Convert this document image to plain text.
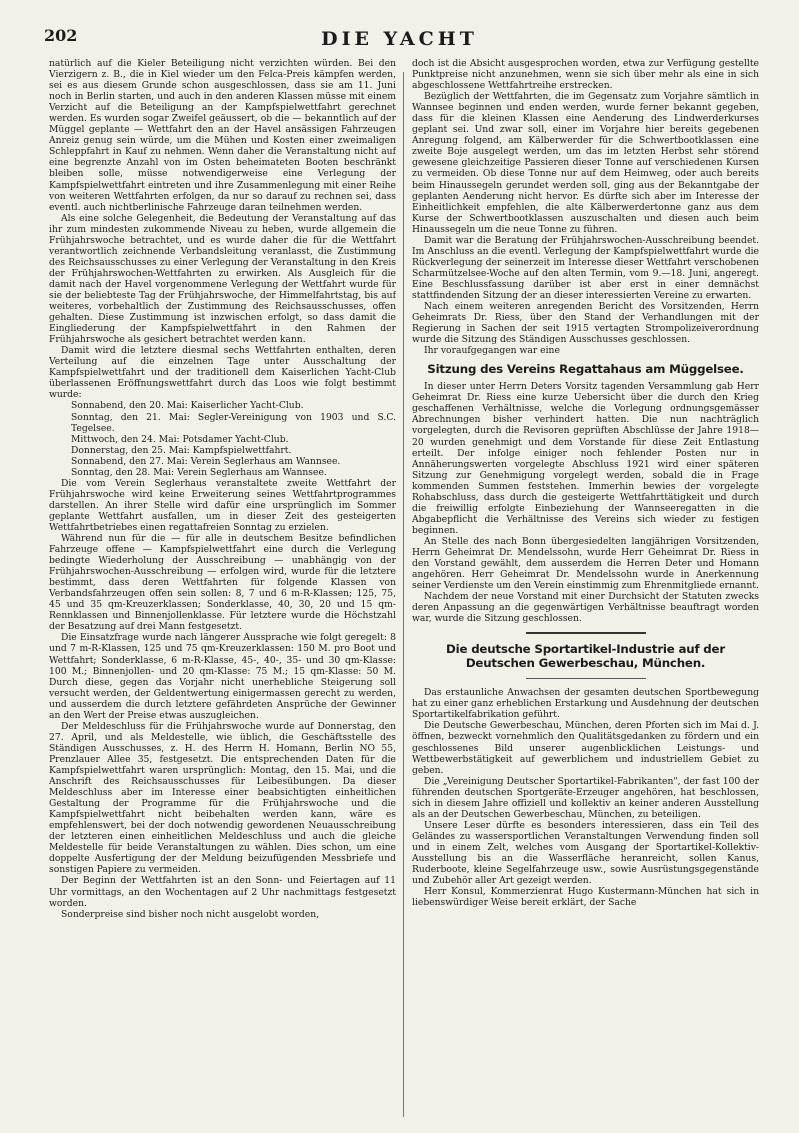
202	DIE YACHT

natürlich auf die Kieler Beteiligung nicht verzichten würden. Bei den Vierzigern z. B., die in Kiel wieder um den Felca-Preis kämpfen werden, sei es aus diesem Grunde schon ausgeschlossen, dass sie am 11. Juni noch in Berlin starten, und auch in den anderen Klassen müsse mit einem Verzicht auf die Beteiligung an der Kampfspielwettfahrt gerechnet werden. Es wurden sogar Zweifel geäussert, ob die — bekanntlich auf der Müggel geplante — Wettfahrt den an der Havel ansässigen Fahrzeugen Anreiz genug sein würde, um die Mühen und Kosten einer zweimaligen Schleppfahrt in Kauf zu nehmen. Wenn daher die Veranstaltung nicht auf eine begrenzte Anzahl von im Osten beheimateten Booten beschränkt bleiben solle, müsse notwendigerweise eine Verlegung der Kampfspielwettfahrt eintreten und ihre Zusammenlegung mit einer Reihe von weiteren Wettfahrten erfolgen, da nur so darauf zu rechnen sei, dass eventl. auch nichtberlinische Fahrzeuge daran teilnehmen werden.

Als eine solche Gelegenheit, die Bedeutung der Veranstaltung auf das ihr zum mindesten zukommende Niveau zu heben, wurde allgemein die Frühjahrswoche betrachtet, und es wurde daher die für die Wettfahrt verantwortlich zeichnende Verbandsleitung veranlasst, die Zustimmung des Reichsausschusses zu einer Verlegung der Veranstaltung in den Kreis der Frühjahrswochen-Wettfahrten zu erwirken. Als Ausgleich für die damit nach der Havel vorgenommene Verlegung der Wettfahrt wurde für sie der beliebteste Tag der Frühjahrswoche, der Himmelfahrtstag, bis auf weiteres, vorbehaltlich der Zustimmung des Reichsausschusses, offen gehalten. Diese Zustimmung ist inzwischen erfolgt, so dass damit die Eingliederung der Kampfspielwettfahrt in den Rahmen der Frühjahrswoche als gesichert betrachtet werden kann.

Damit wird die letztere diesmal sechs Wettfahrten enthalten, deren Verteilung auf die einzelnen Tage unter Ausschaltung der Kampfspielwettfahrt und der traditionell dem Kaiserlichen Yacht-Club überlassenen Eröffnungswettfahrt durch das Loos wie folgt bestimmt wurde:

Sonnabend, den 20. Mai: Kaiserlicher Yacht-Club.
Sonntag, den 21. Mai: Segler-Vereinigung von 1903 und S.C. Tegelsee.
Mittwoch, den 24. Mai: Potsdamer Yacht-Club.
Donnerstag, den 25. Mai: Kampfspielwettfahrt.
Sonnabend, den 27. Mai: Verein Seglerhaus am Wannsee.
Sonntag, den 28. Mai: Verein Seglerhaus am Wannsee.

Die vom Verein Seglerhaus veranstaltete zweite Wettfahrt der Frühjahrswoche wird keine Erweiterung seines Wettfahrtprogrammes darstellen. An ihrer Stelle wird dafür eine ursprünglich im Sommer geplante Wettfahrt ausfallen, um in dieser Zeit des gesteigerten Wettfahrtbetriebes einen regattafreien Sonntag zu erzielen.

Während nun für die — für alle in deutschem Besitze befindlichen Fahrzeuge offene — Kampfspielwettfahrt eine durch die Verlegung bedingte Wiederholung der Ausschreibung — unabhängig von der Frühjahrswochen-Ausschreibung — erfolgen wird, wurde für die letztere bestimmt, dass deren Wettfahrten für folgende Klassen von Verbandsfahrzeugen offen sein sollen: 8, 7 und 6 m-R-Klassen; 125, 75, 45 und 35 qm-Kreuzerklassen; Sonderklasse, 40, 30, 20 und 15 qm-Rennklassen und Binnenjollenklasse. Für letztere wurde die Höchstzahl der Besatzung auf drei Mann festgesetzt.

Die Einsatzfrage wurde nach längerer Aussprache wie folgt geregelt: 8 und 7 m-R-Klassen, 125 und 75 qm-Kreuzerklassen: 150 M. pro Boot und Wettfahrt; Sonderklasse, 6 m-R-Klasse, 45-, 40-, 35- und 30 qm-Klasse: 100 M.; Binnenjollen- und 20 qm-Klasse: 75 M.; 15 qm-Klasse: 50 M. Durch diese, gegen das Vorjahr nicht unerhebliche Steigerung soll versucht werden, der Geldentwertung einigermassen gerecht zu werden, und ausserdem die durch letztere gefährdeten Ansprüche der Gewinner an den Wert der Preise etwas auszugleichen.

Der Meldeschluss für die Frühjahrswoche wurde auf Donnerstag, den 27. April, und als Meldestelle, wie üblich, die Geschäftsstelle des Ständigen Ausschusses, z. H. des Herrn H. Homann, Berlin NO 55, Prenzlauer Allee 35, festgesetzt. Die entsprechenden Daten für die Kampfspielwettfahrt waren ursprünglich: Montag, den 15. Mai, und die Anschrift des Reichsausschusses für Leibesübungen. Da dieser Meldeschluss aber im Interesse einer beabsichtigten einheitlichen Gestaltung der Programme für die Frühjahrswoche und die Kampfspielwettfahrt nicht beibehalten werden kann, wäre es empfehlenswert, bei der doch notwendig gewordenen Neuausschreibung der letzteren einen einheitlichen Meldeschluss und auch die gleiche Meldestelle für beide Veranstaltungen zu wählen. Dies schon, um eine doppelte Ausfertigung der der Meldung beizufügenden Messbriefe und sonstigen Papiere zu vermeiden.

Der Beginn der Wettfahrten ist an den Sonn- und Feiertagen auf 11 Uhr vormittags, an den Wochentagen auf 2 Uhr nachmittags festgesetzt worden.

Sonderpreise sind bisher noch nicht ausgelobt worden,

doch ist die Absicht ausgesprochen worden, etwa zur Verfügung gestellte Punktpreise nicht anzunehmen, wenn sie sich über mehr als eine in sich abgeschlossene Wettfahrtreihe erstrecken.

Bezüglich der Wettfahrten, die im Gegensatz zum Vorjahre sämtlich in Wannsee beginnen und enden werden, wurde ferner bekannt gegeben, dass für die kleinen Klassen eine Aenderung des Lindwerderkurses geplant sei. Und zwar soll, einer im Vorjahre hier bereits gegebenen Anregung folgend, am Kälberwerder für die Schwertbootklassen eine zweite Boje ausgelegt werden, um das im letzten Herbst sehr störend gewesene gleichzeitige Passieren dieser Tonne auf verschiedenen Kursen zu vermeiden. Ob diese Tonne nur auf dem Heimweg, oder auch bereits beim Hinaussegeln gerundet werden soll, ging aus der Bekanntgabe der geplanten Aenderung nicht hervor. Es dürfte sich aber im Interesse der Einheitlichkeit empfehlen, die alte Kälberwerdertonne ganz aus dem Kurse der Schwertbootklassen auszuschalten und diesen auch beim Hinaussegeln um die neue Tonne zu führen.

Damit war die Beratung der Frühjahrswochen-Ausschreibung beendet. Im Anschluss an die eventl. Verlegung der Kampfspielwettfahrt wurde die Rückverlegung der seinerzeit im Interesse dieser Wettfahrt verschobenen Scharmützelsee-Woche auf den alten Termin, vom 9.—18. Juni, angeregt. Eine Beschlussfassung darüber ist aber erst in einer demnächst stattfindenden Sitzung der an dieser interessierten Vereine zu erwarten.

Nach einem weiteren anregenden Bericht des Vorsitzenden, Herrn Geheimrats Dr. Riess, über den Stand der Verhandlungen mit der Regierung in Sachen der seit 1915 vertagten Strompolizeiverordnung wurde die Sitzung des Ständigen Ausschusses geschlossen.

Ihr voraufgegangen war eine

Sitzung des Vereins Regattahaus am Müggelsee.

In dieser unter Herrn Deters Vorsitz tagenden Versammlung gab Herr Geheimrat Dr. Riess eine kurze Uebersicht über die durch den Krieg geschaffenen Verhältnisse, welche die Vorlegung ordnungsgemässer Abrechnungen bisher verhindert hatten. Die nun nachträglich vorgelegten, durch die Revisoren geprüften Abschlüsse der Jahre 1918—20 wurden genehmigt und dem Vorstande für diese Zeit Entlastung erteilt. Der infolge einiger noch fehlender Posten nur in Annäherungswerten vorgelegte Abschluss 1921 wird einer späteren Sitzung zur Genehmigung vorgelegt werden, sobald die in Frage kommenden Summen feststehen. Immerhin bewies der vorgelegte Rohabschluss, dass durch die gesteigerte Wettfahrttätigkeit und durch die freiwillig erfolgte Einbeziehung der Wannseeregatten in die Abgabepflicht die Verhältnisse des Vereins sich wieder zu festigen beginnen.

An Stelle des nach Bonn übergesiedelten langjährigen Vorsitzenden, Herrn Geheimrat Dr. Mendelssohn, wurde Herr Geheimrat Dr. Riess in den Vorstand gewählt, dem ausserdem die Herren Deter und Homann angehören. Herr Geheimrat Dr. Mendelssohn wurde in Anerkennung seiner Verdienste um den Verein einstimmig zum Ehrenmitgliede ernannt.

Nachdem der neue Vorstand mit einer Durchsicht der Statuten zwecks deren Anpassung an die gegenwärtigen Verhältnisse beauftragt worden war, wurde die Sitzung geschlossen.

Die deutsche Sportartikel-Industrie auf der Deutschen Gewerbeschau, München.

Das erstaunliche Anwachsen der gesamten deutschen Sportbewegung hat zu einer ganz erheblichen Erstarkung und Ausdehnung der deutschen Sportartikelfabrikation geführt.

Die Deutsche Gewerbeschau, München, deren Pforten sich im Mai d. J. öffnen, bezweckt vornehmlich den Qualitätsgedanken zu fördern und ein geschlossenes Bild unserer augenblicklichen Leistungs- und Wettbewerbstätigkeit auf gewerblichem und industriellem Gebiet zu geben.

Die „Vereinigung Deutscher Sportartikel-Fabrikanten", der fast 100 der führenden deutschen Sportgeräte-Erzeuger angehören, hat beschlossen, sich in diesem Jahre offiziell und kollektiv an keiner anderen Ausstellung als an der Deutschen Gewerbeschau, München, zu beteiligen.

Unsere Leser dürfte es besonders interessieren, dass ein Teil des Geländes zu wassersportlichen Veranstaltungen Verwendung finden soll und in einem Zelt, welches vom Ausgang der Sportartikel-Kollektiv-Ausstellung bis an die Wasserfläche heranreicht, sollen Kanus, Ruderboote, kleine Segelfahrzeuge usw., sowie Ausrüstungsgegenstände und Zubehör aller Art gezeigt werden.

Herr Konsul, Kommerzienrat Hugo Kustermann-München hat sich in liebenswürdiger Weise bereit erklärt, der Sache
